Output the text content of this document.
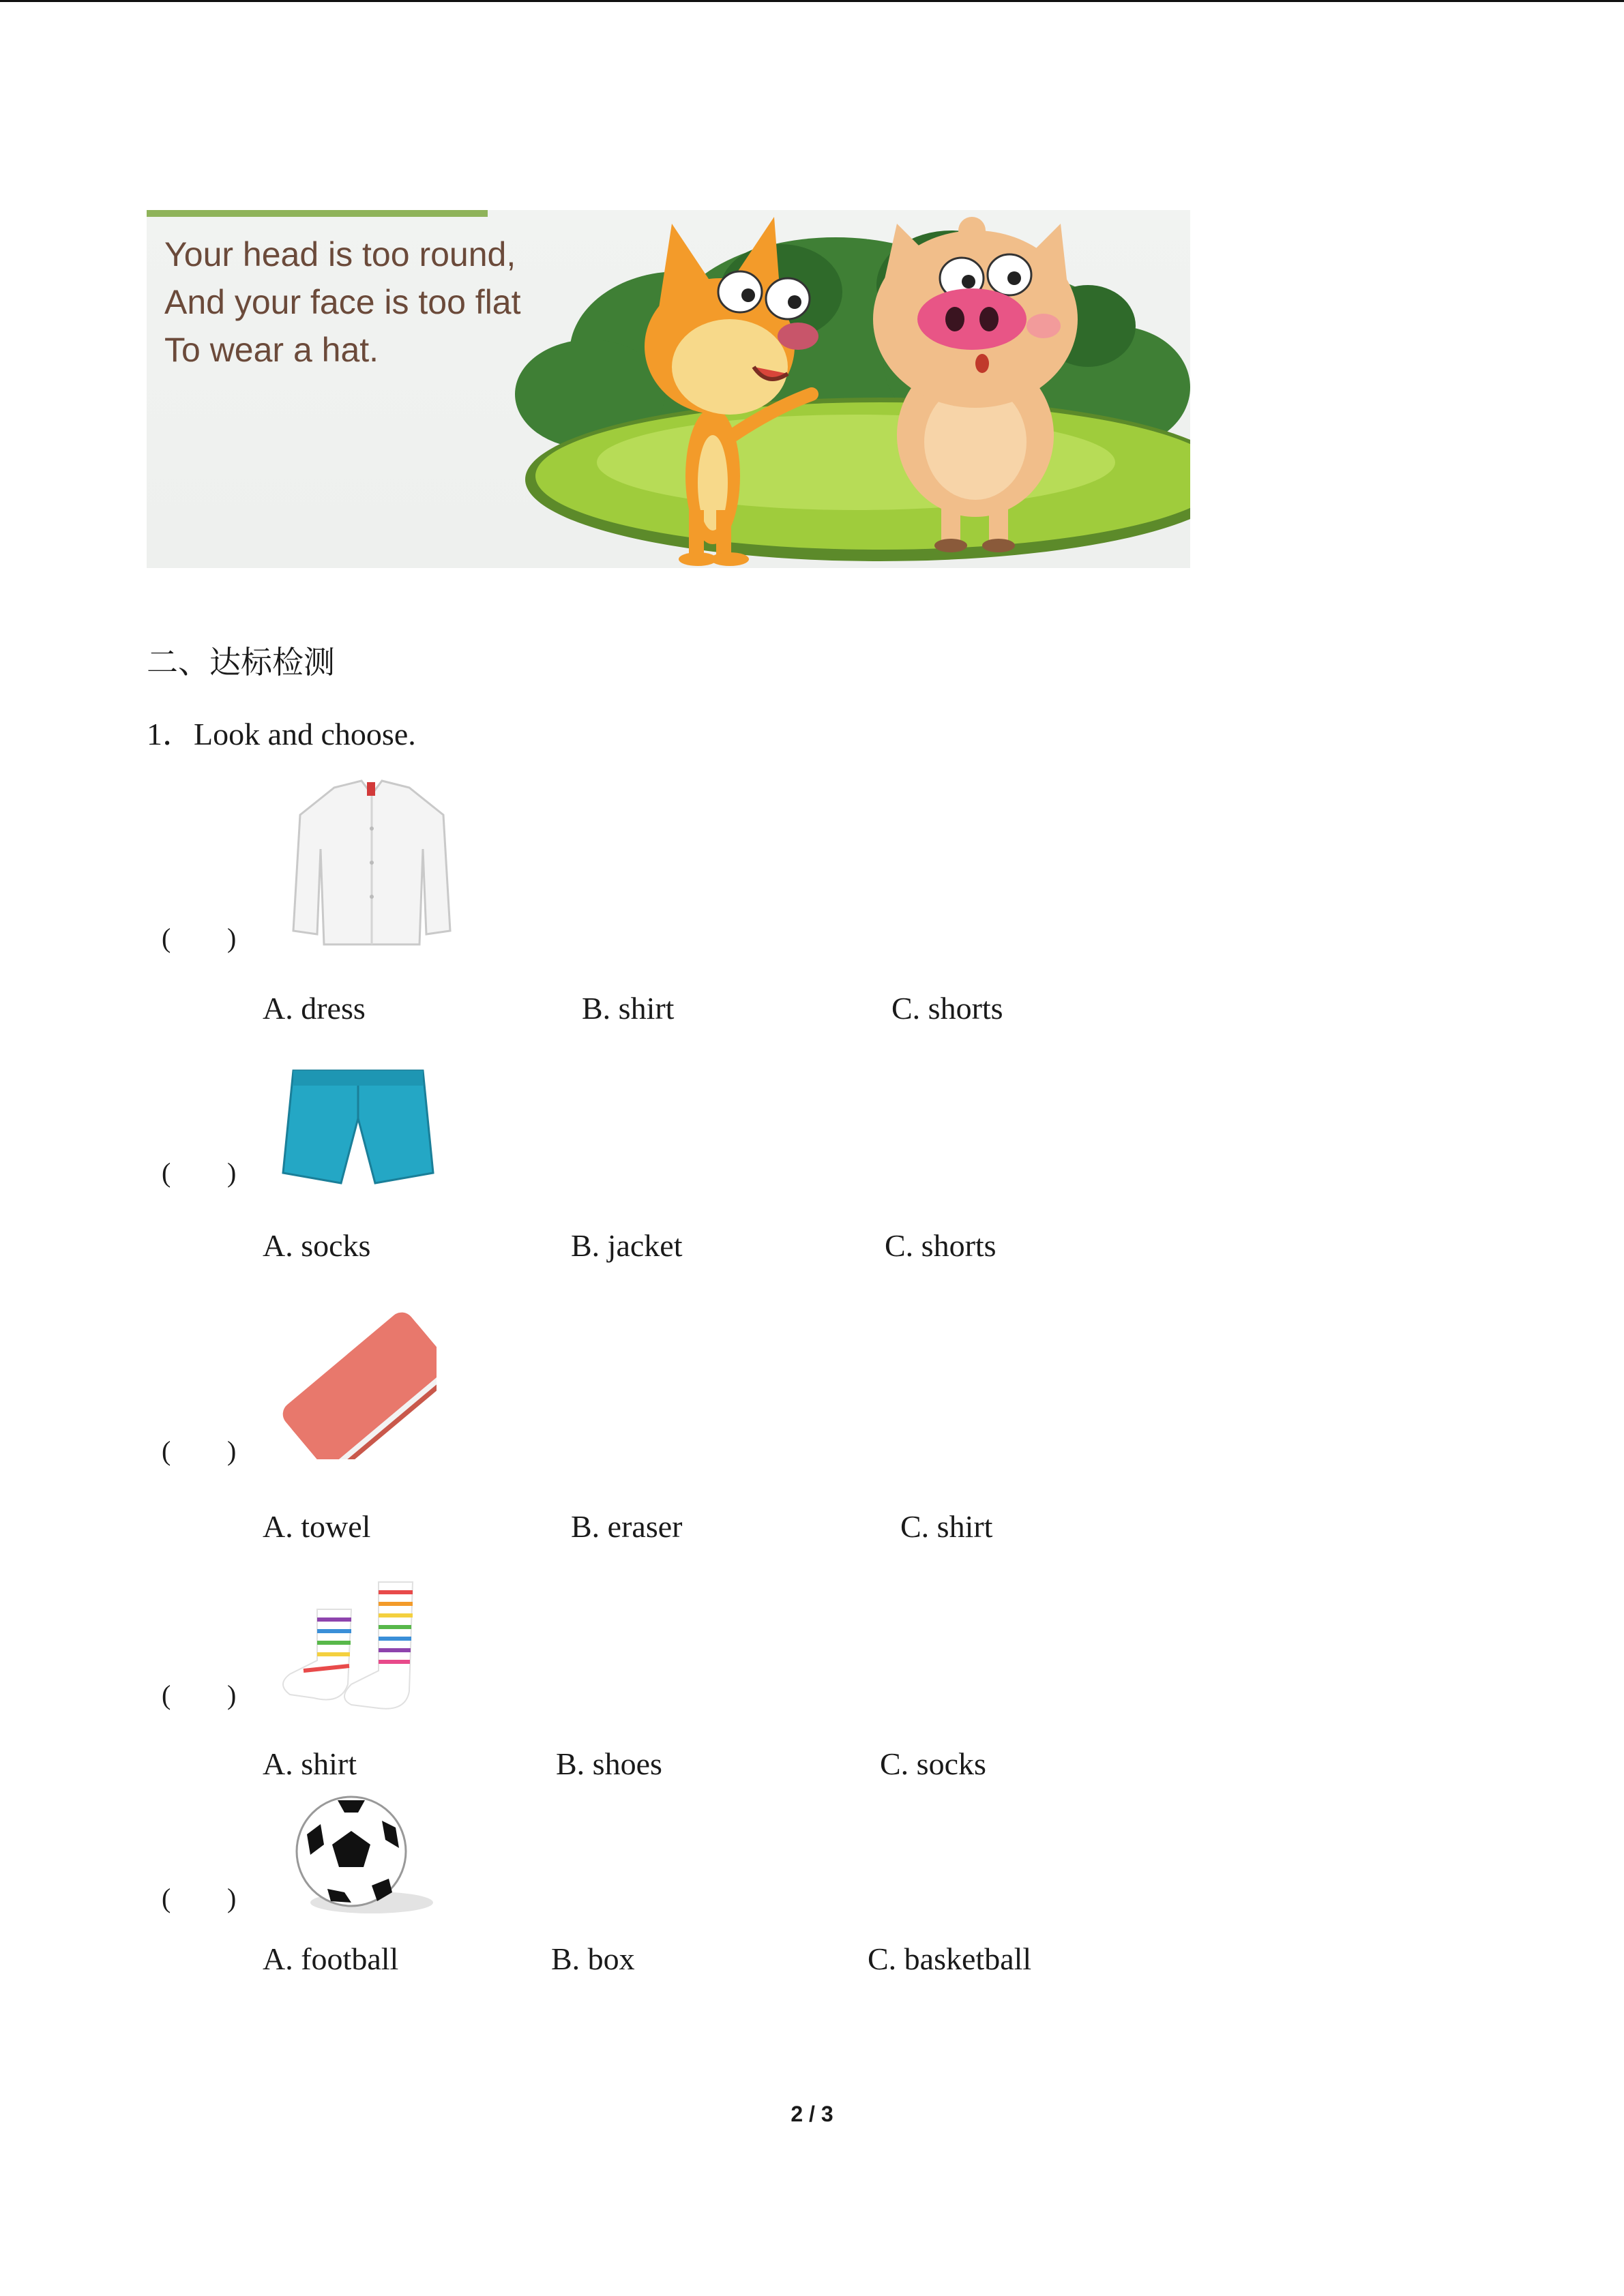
Your head is too round,
And your face is too flat
To wear a hat.

二、达标检测
1．Look and choose.
( )
A. dress	B. shirt	C. shorts
( )
A. socks	B. jacket	C. shorts
( )
A. towel	B. eraser	C. shirt
( )
A. shirt	B. shoes	C. socks
( )
A. football	B. box	C. basketball
2 / 3
